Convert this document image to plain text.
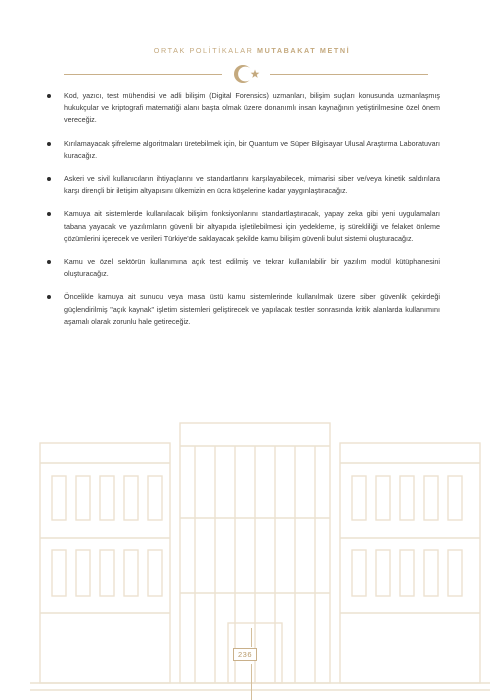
ORTAK POLİTİKALAR MUTABAKAT METNİ
Kod, yazıcı, test mühendisi ve adli bilişim (Digital Forensics) uzmanları, bilişim suçları konusunda uzmanlaşmış hukukçular ve kriptografi matematiği alanı başta olmak üzere donanımlı insan kaynağının yetiştirilmesine özel önem vereceğiz.
Kırılamayacak şifreleme algoritmaları üretebilmek için, bir Quantum ve Süper Bilgisayar Ulusal Araştırma Laboratuvarı kuracağız.
Askeri ve sivil kullanıcıların ihtiyaçlarını ve standartlarını karşılayabilecek, mimarisi siber ve/veya kinetik saldırılara karşı dirençli bir iletişim altyapısını ülkemizin en ücra köşelerine kadar yaygınlaştıracağız.
Kamuya ait sistemlerde kullanılacak bilişim fonksiyonlarını standartlaştıracak, yapay zeka gibi yeni uygulamaları tabana yayacak ve yazılımların güvenli bir altyapıda işletilebilmesi için yedekleme, iş sürekliliği ve felaket önleme çözümlerini içerecek ve verileri Türkiye'de saklayacak şekilde kamu bilişim güvenli bulut sistemi oluşturacağız.
Kamu ve özel sektörün kullanımına açık test edilmiş ve tekrar kullanılabilir bir yazılım modül kütüphanesini oluşturacağız.
Öncelikle kamuya ait sunucu veya masa üstü kamu sistemlerinde kullanılmak üzere siber güvenlik çekirdeği güçlendirilmiş "açık kaynak" işletim sistemleri geliştirecek ve yapılacak testler sonrasında kritik alanlarda kullanımını aşamalı olarak zorunlu hale getireceğiz.
236
